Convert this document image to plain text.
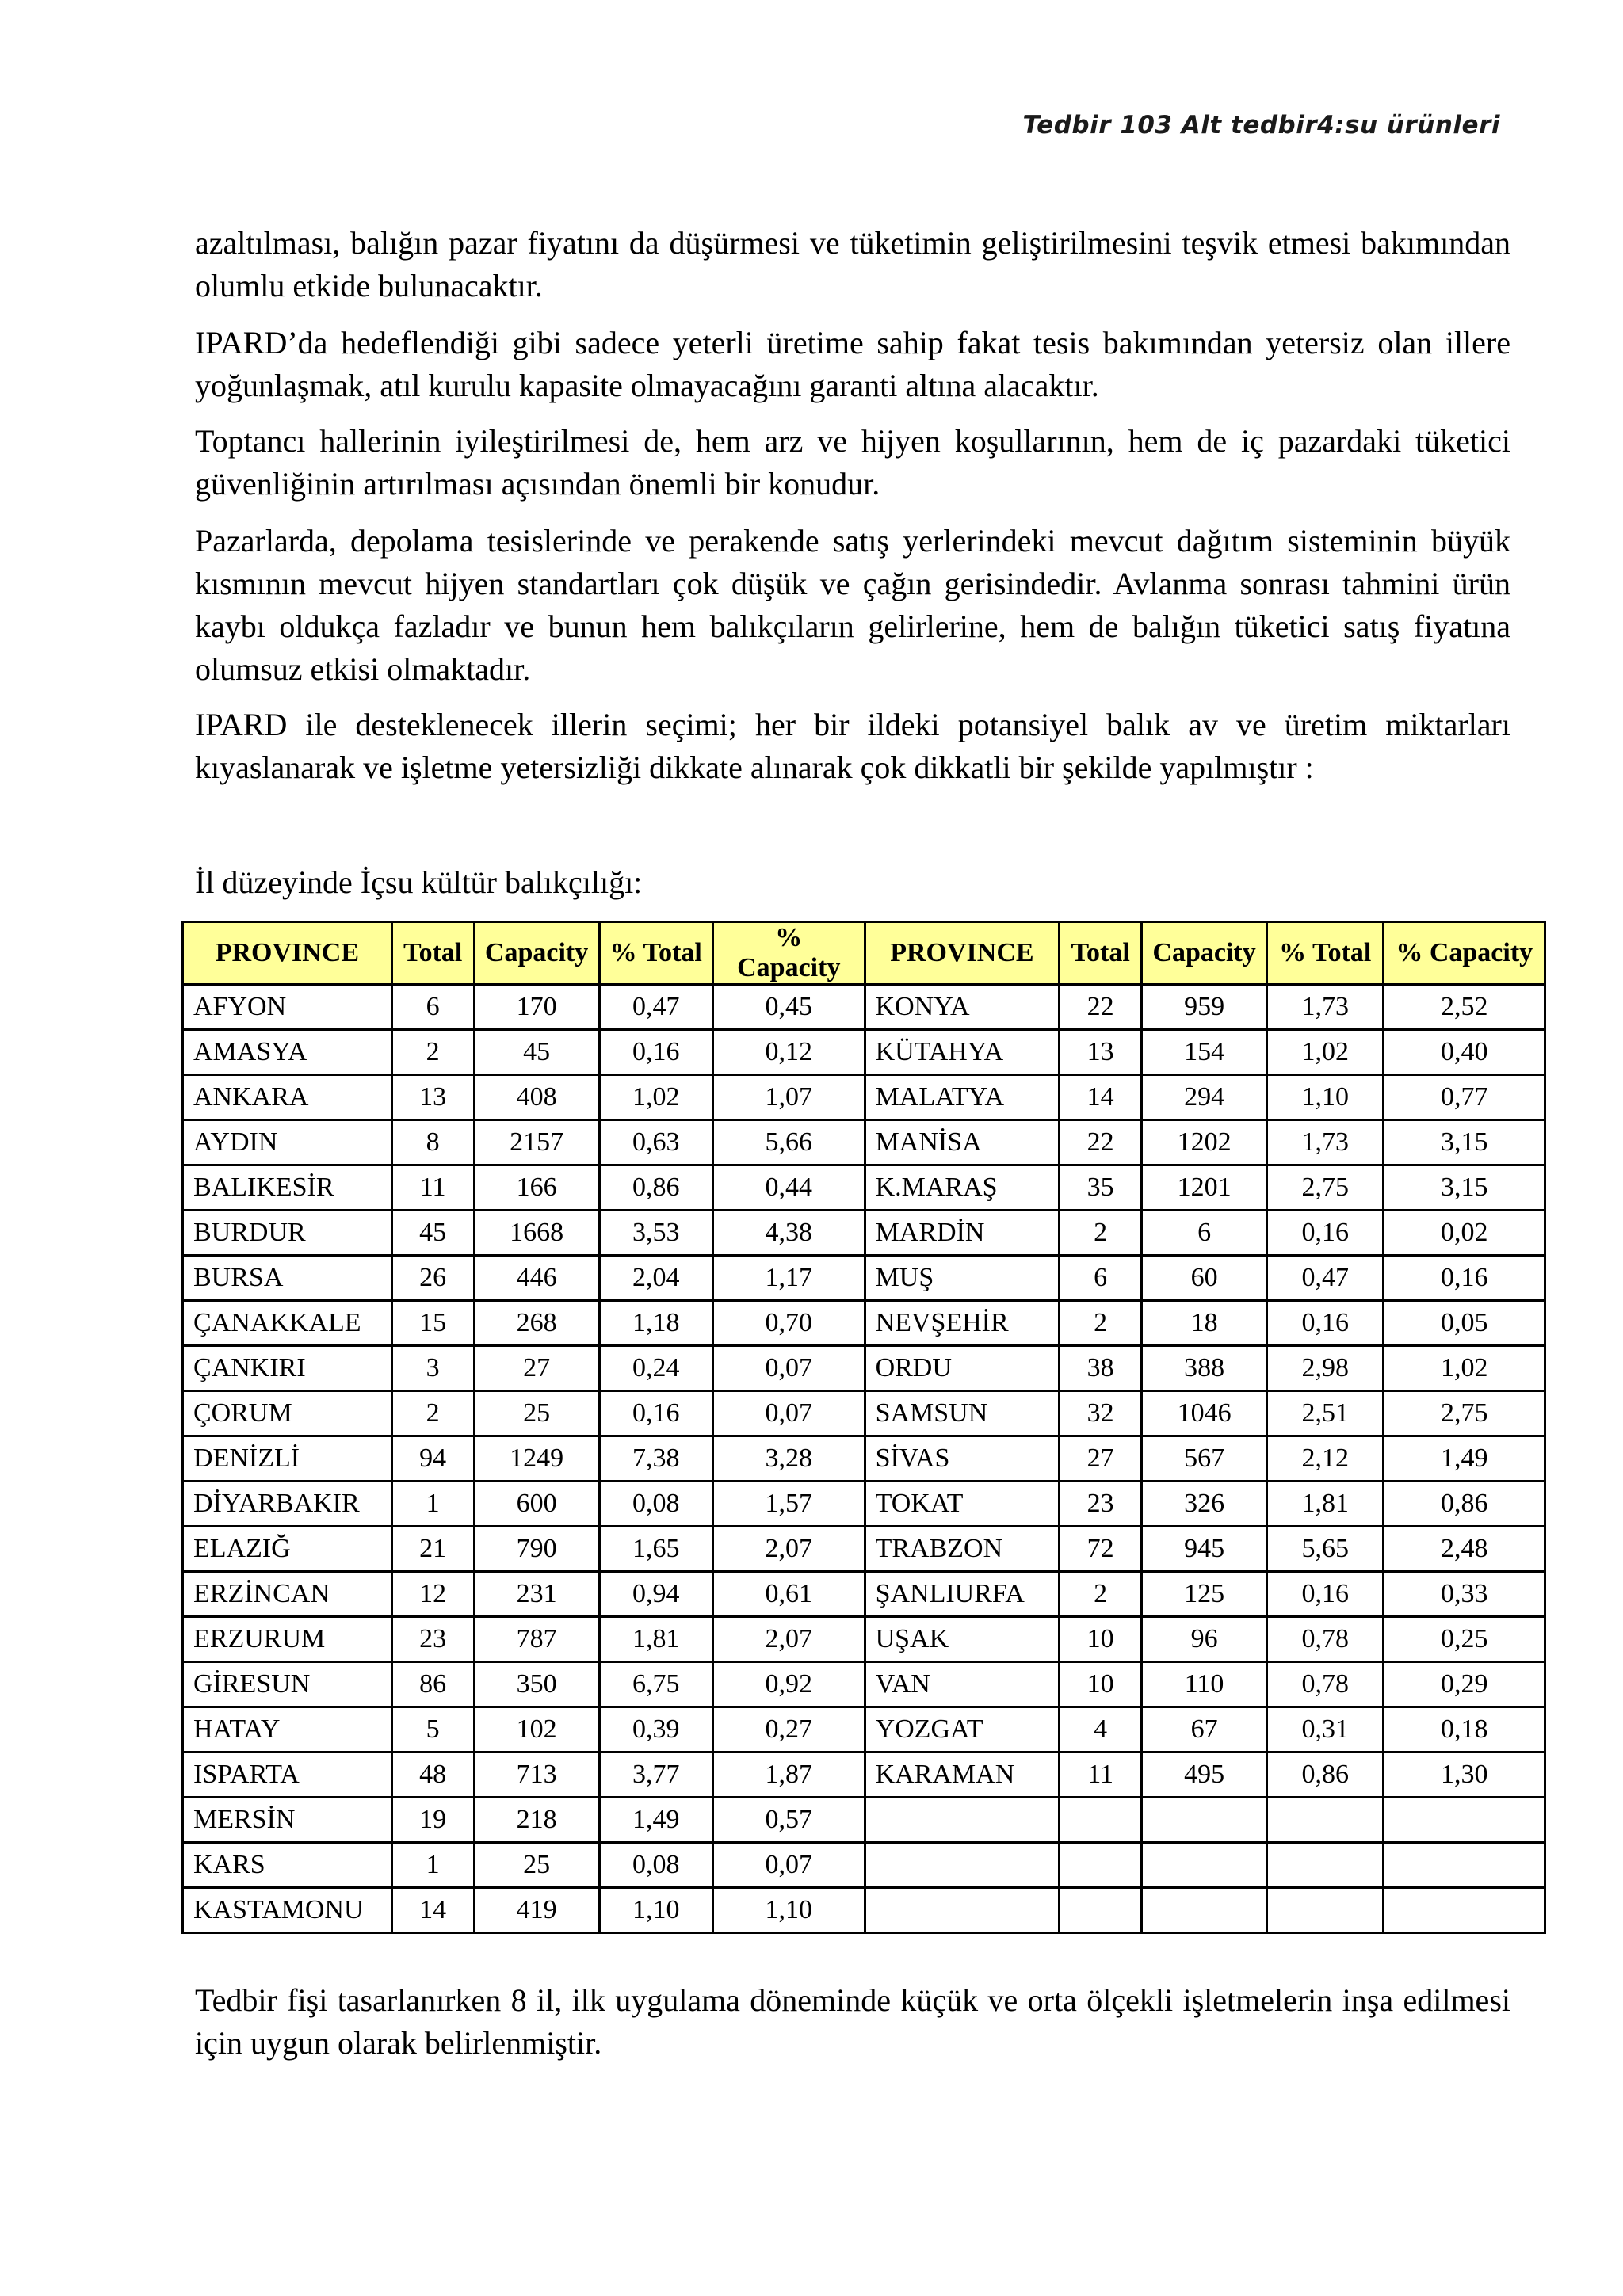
Tedbir 103 Alt tedbir4:su ürünleri

azaltılması, balığın pazar fiyatını da düşürmesi ve tüketimin geliştirilmesini teşvik etmesi bakımından olumlu etkide bulunacaktır.

IPARD’da hedeflendiği gibi sadece yeterli üretime sahip fakat tesis bakımından yetersiz olan illere yoğunlaşmak, atıl kurulu kapasite olmayacağını garanti altına alacaktır.

Toptancı hallerinin iyileştirilmesi de, hem arz ve hijyen koşullarının, hem de iç pazardaki tüketici güvenliğinin artırılması açısından önemli bir konudur.

Pazarlarda, depolama tesislerinde ve perakende satış yerlerindeki mevcut dağıtım sisteminin büyük kısmının mevcut hijyen standartları çok düşük ve çağın gerisindedir. Avlanma sonrası tahmini ürün kaybı oldukça fazladır ve bunun hem balıkçıların gelirlerine, hem de balığın tüketici satış fiyatına olumsuz etkisi olmaktadır.

IPARD ile desteklenecek illerin seçimi; her bir ildeki potansiyel balık av ve üretim miktarları kıyaslanarak ve işletme yetersizliği dikkate alınarak çok dikkatli bir şekilde yapılmıştır :

İl düzeyinde İçsu kültür balıkçılığı:
PROVINCE	Total	Capacity	% Total	% Capacity	PROVINCE	Total	Capacity	% Total	% Capacity
AFYON	6	170	0,47	0,45	KONYA	22	959	1,73	2,52
AMASYA	2	45	0,16	0,12	KÜTAHYA	13	154	1,02	0,40
ANKARA	13	408	1,02	1,07	MALATYA	14	294	1,10	0,77
AYDIN	8	2157	0,63	5,66	MANİSA	22	1202	1,73	3,15
BALIKESİR	11	166	0,86	0,44	K.MARAŞ	35	1201	2,75	3,15
BURDUR	45	1668	3,53	4,38	MARDİN	2	6	0,16	0,02
BURSA	26	446	2,04	1,17	MUŞ	6	60	0,47	0,16
ÇANAKKALE	15	268	1,18	0,70	NEVŞEHİR	2	18	0,16	0,05
ÇANKIRI	3	27	0,24	0,07	ORDU	38	388	2,98	1,02
ÇORUM	2	25	0,16	0,07	SAMSUN	32	1046	2,51	2,75
DENİZLİ	94	1249	7,38	3,28	SİVAS	27	567	2,12	1,49
DİYARBAKIR	1	600	0,08	1,57	TOKAT	23	326	1,81	0,86
ELAZIĞ	21	790	1,65	2,07	TRABZON	72	945	5,65	2,48
ERZİNCAN	12	231	0,94	0,61	ŞANLIURFA	2	125	0,16	0,33
ERZURUM	23	787	1,81	2,07	UŞAK	10	96	0,78	0,25
GİRESUN	86	350	6,75	0,92	VAN	10	110	0,78	0,29
HATAY	5	102	0,39	0,27	YOZGAT	4	67	0,31	0,18
ISPARTA	48	713	3,77	1,87	KARAMAN	11	495	0,86	1,30
MERSİN	19	218	1,49	0,57					
KARS	1	25	0,08	0,07					
KASTAMONU	14	419	1,10	1,10					

Tedbir fişi tasarlanırken 8 il, ilk uygulama döneminde küçük ve orta ölçekli işletmelerin inşa edilmesi için uygun olarak belirlenmiştir.
